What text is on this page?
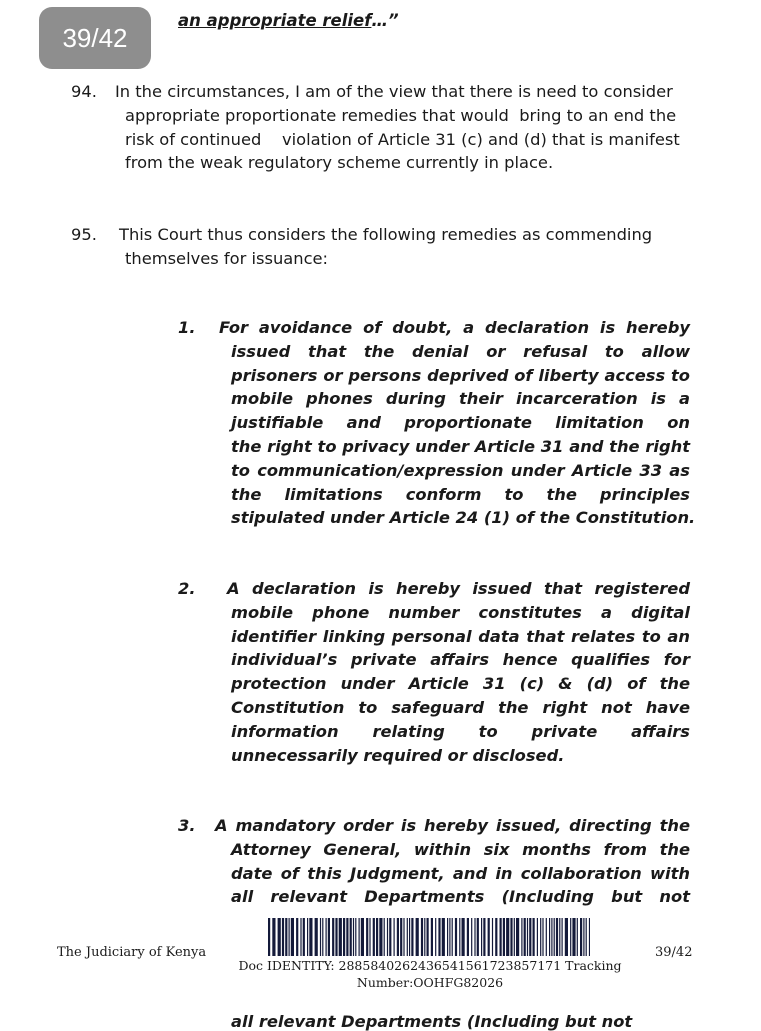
39/42
an appropriate relief…”
94. In the circumstances, I am of the view that there is need to consider
appropriate proportionate remedies that would  bring to an end the
risk of continued    violation of Article 31 (c) and (d) that is manifest
from the weak regulatory scheme currently in place.
95. This Court thus considers the following remedies as commending
themselves for issuance:
1. For avoidance of doubt, a declaration is hereby
issued that the denial or refusal to allow
prisoners or persons deprived of liberty access to
mobile phones during their incarceration is a
justifiable and proportionate limitation on
the right to privacy under Article 31 and the right
to communication/expression under Article 33 as
the limitations conform to the principles
stipulated under Article 24 (1) of the Constitution.
2. A declaration is hereby issued that registered
mobile phone number constitutes a digital
identifier linking personal data that relates to an
individual’s private affairs hence qualifies for
protection under Article 31 (c) & (d) of the
Constitution to safeguard the right not have
information relating to private affairs
unnecessarily required or disclosed.
3. A mandatory order is hereby issued, directing the
Attorney General, within six months from the
date of this Judgment, and in collaboration with
all relevant Departments (Including but not
The Judiciary of Kenya	39/42
Doc IDENTITY: 28858402624365415617238571​71 Tracking
Number:OOHFG82026
all relevant Departments (Including but not
